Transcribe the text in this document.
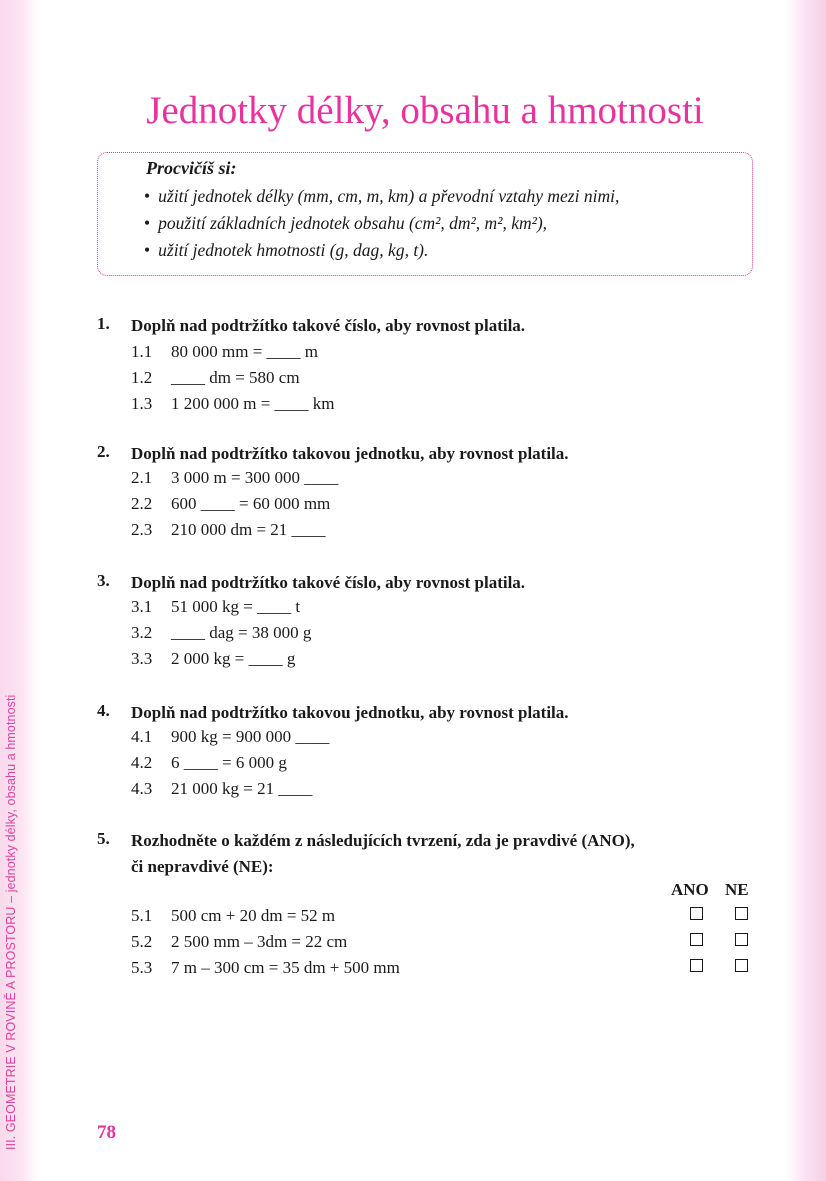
III. GEOMETRIE V ROVINĚ A PROSTORU – jednotky délky, obsahu a hmotnosti
Jednotky délky, obsahu a hmotnosti
Procvičíš si:
• užití jednotek délky (mm, cm, m, km) a převodní vztahy mezi nimi,
• použití základních jednotek obsahu (cm², dm², m², km²),
• užití jednotek hmotnosti (g, dag, kg, t).
1. Doplň nad podtržítko takové číslo, aby rovnost platila.
1.1 80 000 mm = ____ m
1.2 ____ dm = 580 cm
1.3 1 200 000 m = ____ km
2. Doplň nad podtržítko takovou jednotku, aby rovnost platila.
2.1 3 000 m = 300 000 ____
2.2 600 ____ = 60 000 mm
2.3 210 000 dm = 21 ____
3. Doplň nad podtržítko takové číslo, aby rovnost platila.
3.1 51 000 kg = ____ t
3.2 ____ dag = 38 000 g
3.3 2 000 kg = ____ g
4. Doplň nad podtržítko takovou jednotku, aby rovnost platila.
4.1 900 kg = 900 000 ____
4.2 6 ____ = 6 000 g
4.3 21 000 kg = 21 ____
5. Rozhodněte o každém z následujících tvrzení, zda je pravdivé (ANO),
či nepravdivé (NE):
5.1 500 cm + 20 dm = 52 m
5.2 2 500 mm – 3dm = 22 cm
5.3 7 m – 300 cm = 35 dm + 500 mm
ANO NE
78
